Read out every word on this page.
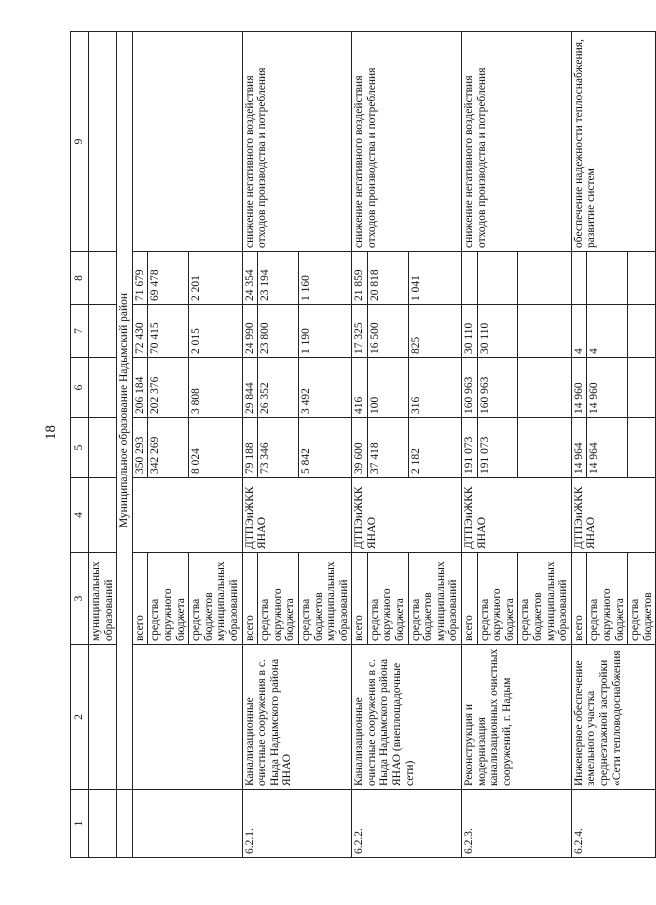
18
1	2	3	4	5	6	7	8	9
		муниципальных образований						
	Муниципальное образование Надымский район							
		всего		350 293	206 184	72 430	71 679	
		средства окружного бюджета		342 269	202 376	70 415	69 478	
		средства бюджетов муниципальных образований		8 024	3 808	2 015	2 201	
6.2.1.	Канализационные очистные сооружения в с. Ныда Надымского района ЯНАО	всего	ДТПЭиЖКК ЯНАО	79 188	29 844	24 990	24 354	снижение негативного воздействия отходов производства и потребления
		средства окружного бюджета		73 346	26 352	23 800	23 194	
		средства бюджетов муниципальных образований		5 842	3 492	1 190	1 160	
6.2.2.	Канализационные очистные сооружения в с. Ныда Надымского района ЯНАО (внеплощадочные сети)	всего	ДТПЭиЖКК ЯНАО	39 600	416	17 325	21 859	снижение негативного воздействия отходов производства и потребления
		средства окружного бюджета		37 418	100	16 500	20 818	
		средства бюджетов муниципальных образований		2 182	316	825	1 041	
6.2.3.	Реконструкция и модернизация канализационных очистных сооружений, г. Надым	всего	ДТПЭиЖКК ЯНАО	191 073	160 963	30 110		снижение негативного воздействия отходов производства и потребления
		средства окружного бюджета		191 073	160 963	30 110		
		средства бюджетов муниципальных образований						
6.2.4.	Инженерное обеспечение земельного участка среднеэтажной застройки «Сети тепловодоснабжения	всего	ДТПЭиЖКК ЯНАО	14 964	14 960	4		обеспечение надежности теплоснабжения, развитие систем
		средства окружного бюджета		14 964	14 960	4		
		средства бюджетов						
